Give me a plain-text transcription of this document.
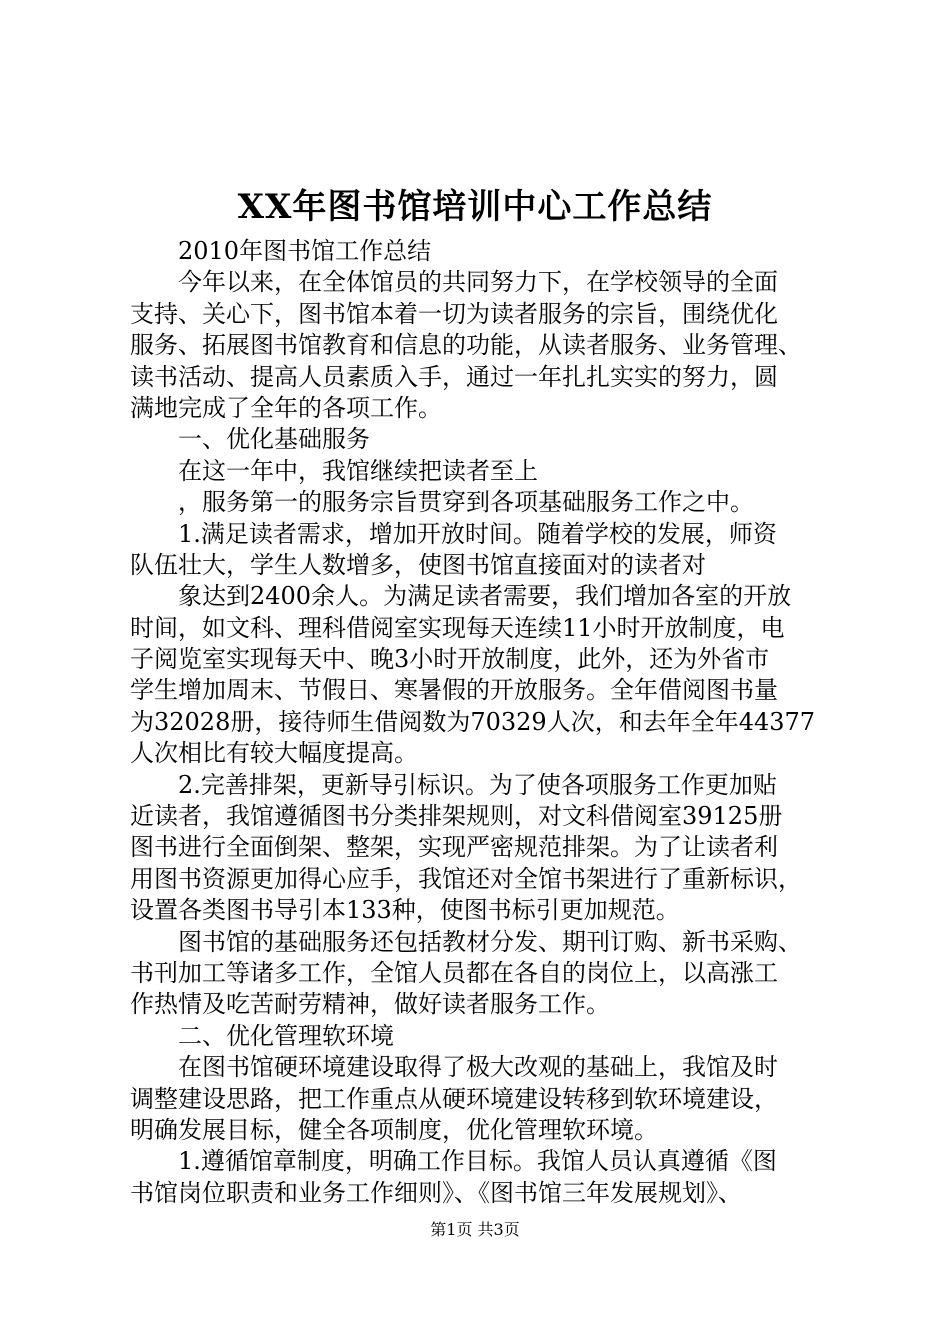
XX年图书馆培训中心工作总结
2010年图书馆工作总结
今年以来，在全体馆员的共同努力下，在学校领导的全面
支持、关心下，图书馆本着一切为读者服务的宗旨，围绕优化
服务、拓展图书馆教育和信息的功能，从读者服务、业务管理、
读书活动、提高人员素质入手，通过一年扎扎实实的努力，圆
满地完成了全年的各项工作。
一、优化基础服务
在这一年中，我馆继续把读者至上
，服务第一的服务宗旨贯穿到各项基础服务工作之中。
1.满足读者需求，增加开放时间。随着学校的发展，师资
队伍壮大，学生人数增多，使图书馆直接面对的读者对
象达到2400余人。为满足读者需要，我们增加各室的开放
时间，如文科、理科借阅室实现每天连续11小时开放制度，电
子阅览室实现每天中、晚3小时开放制度，此外，还为外省市
学生增加周末、节假日、寒暑假的开放服务。全年借阅图书量
为32028册，接待师生借阅数为70329人次，和去年全年44377
人次相比有较大幅度提高。
2.完善排架，更新导引标识。为了使各项服务工作更加贴
近读者，我馆遵循图书分类排架规则，对文科借阅室39125册
图书进行全面倒架、整架，实现严密规范排架。为了让读者利
用图书资源更加得心应手，我馆还对全馆书架进行了重新标识，
设置各类图书导引本133种，使图书标引更加规范。
图书馆的基础服务还包括教材分发、期刊订购、新书采购、
书刊加工等诸多工作，全馆人员都在各自的岗位上，以高涨工
作热情及吃苦耐劳精神，做好读者服务工作。
二、优化管理软环境
在图书馆硬环境建设取得了极大改观的基础上，我馆及时
调整建设思路，把工作重点从硬环境建设转移到软环境建设，
明确发展目标，健全各项制度，优化管理软环境。
1.遵循馆章制度，明确工作目标。我馆人员认真遵循《图
书馆岗位职责和业务工作细则》、《图书馆三年发展规划》、
第1页 共3页
